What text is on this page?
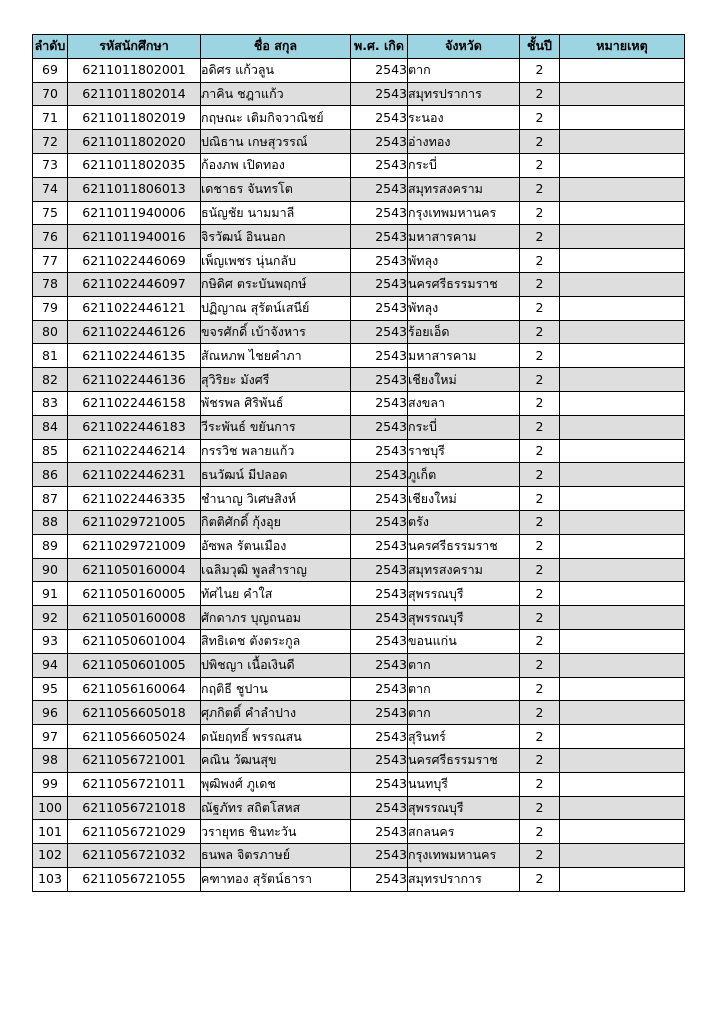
ลำดับ	รหัสนักศึกษา	ชื่อ สกุล	พ.ศ. เกิด	จังหวัด	ชั้นปี	หมายเหตุ
69	6211011802001	อดิศร แก้วลูน	2543	ตาก	2	
70	6211011802014	ภาคิน ชฎาแก้ว	2543	สมุทรปราการ	2	
71	6211011802019	กฤษณะ เติมกิจวาณิชย์	2543	ระนอง	2	
72	6211011802020	ปณิธาน เกษสุวรรณ์	2543	อ่างทอง	2	
73	6211011802035	ก้องภพ เปิดทอง	2543	กระบี่	2	
74	6211011806013	เดชาธร จันทรโต	2543	สมุทรสงคราม	2	
75	6211011940006	ธนัญชัย นามมาลี	2543	กรุงเทพมหานคร	2	
76	6211011940016	จิรวัฒน์ อินนอก	2543	มหาสารคาม	2	
77	6211022446069	เพ็ญเพชร นุ่นกลับ	2543	พัทลุง	2	
78	6211022446097	กษิดิศ ตระบันพฤกษ์	2543	นครศรีธรรมราช	2	
79	6211022446121	ปฏิญาณ สุรัตน์เสนีย์	2543	พัทลุง	2	
80	6211022446126	ขจรศักดิ์ เบ้าจังหาร	2543	ร้อยเอ็ด	2	
81	6211022446135	สัณหภพ ไชยคำภา	2543	มหาสารคาม	2	
82	6211022446136	สุวิริยะ มังศรี	2543	เชียงใหม่	2	
83	6211022446158	พัชรพล ศิริพันธ์	2543	สงขลา	2	
84	6211022446183	วีระพันธ์ ขยันการ	2543	กระบี่	2	
85	6211022446214	กรรวิช พลายแก้ว	2543	ราชบุรี	2	
86	6211022446231	ธนวัฒน์ มีปลอด	2543	ภูเก็ต	2	
87	6211022446335	ชำนาญ วิเศษสิงห์	2543	เชียงใหม่	2	
88	6211029721005	กิตติศักดิ์ กุ้งอุย	2543	ตรัง	2	
89	6211029721009	อัซพล รัตนเมือง	2543	นครศรีธรรมราช	2	
90	6211050160004	เฉลิมวุฒิ พูลสำราญ	2543	สมุทรสงคราม	2	
91	6211050160005	ทัศไนย คำใส	2543	สุพรรณบุรี	2	
92	6211050160008	ศักดาภร บุญถนอม	2543	สุพรรณบุรี	2	
93	6211050601004	สิทธิเดช ตังตระกูล	2543	ขอนแก่น	2	
94	6211050601005	ปพิชญา เนื้อเงินดี	2543	ตาก	2	
95	6211056160064	กฤติธี ชูปาน	2543	ตาก	2	
96	6211056605018	ศุภกิตติ์ คำลำปาง	2543	ตาก	2	
97	6211056605024	ดนัยฤทธิ์ พรรณสน	2543	สุรินทร์	2	
98	6211056721001	คณิน วัฒนสุข	2543	นครศรีธรรมราช	2	
99	6211056721011	พุฒิพงศ์ ภูเดช	2543	นนทบุรี	2	
100	6211056721018	ณัฐภัทร สถิตโสหส	2543	สุพรรณบุรี	2	
101	6211056721029	วรายุทธ ชินทะวัน	2543	สกลนคร	2	
102	6211056721032	ธนพล จิตรภาษย์	2543	กรุงเทพมหานคร	2	
103	6211056721055	คฑาทอง สุรัตน์ธารา	2543	สมุทรปราการ	2	
